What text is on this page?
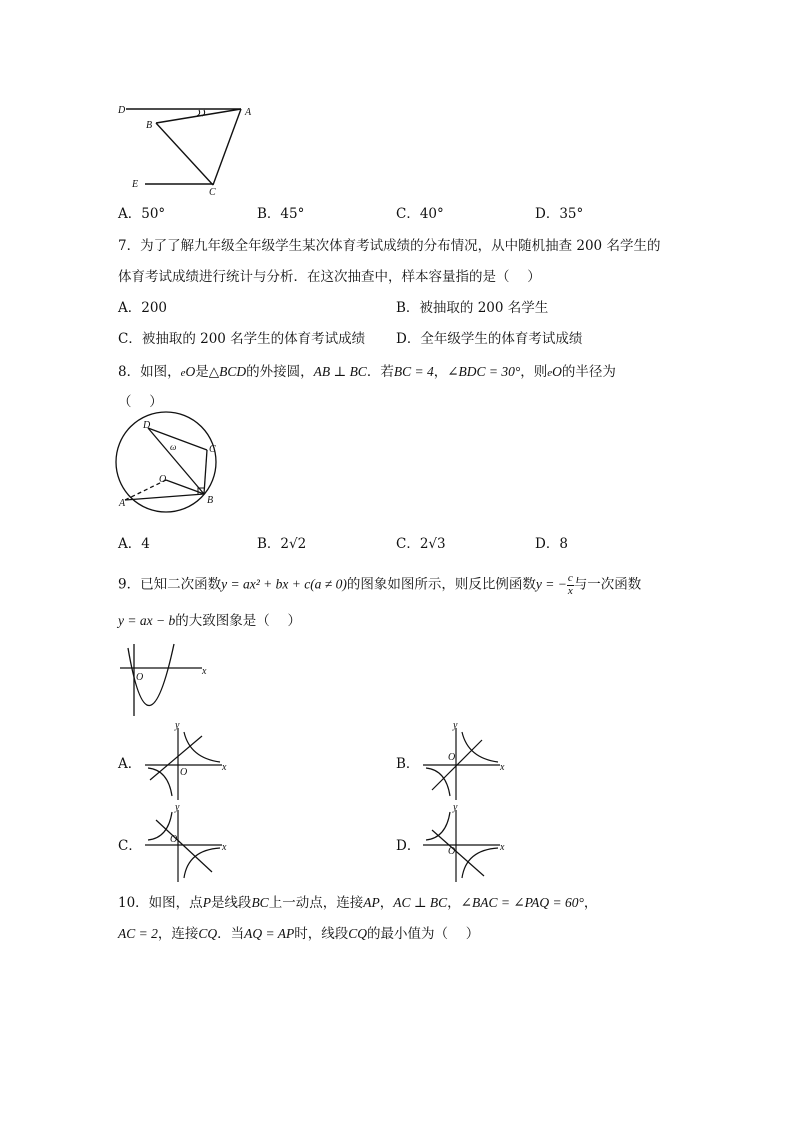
D
B
A
E
C
A．50°	B．45°	C．40°	D．35°
7．为了了解九年级全年级学生某次体育考试成绩的分布情况，从中随机抽查 200 名学生的
体育考试成绩进行统计与分析．在这次抽查中，样本容量指的是（　 ）
A．200	B．被抽取的 200 名学生
C．被抽取的 200 名学生的体育考试成绩 D．全年级学生的体育考试成绩
8．如图，eO是△BCD的外接圆，AB ⊥ BC．若BC = 4，∠BDC = 30°，则eO的半径为
（　 ）
D
C
O
A	B
ω
A．4	B．2√2	C．2√3	D．8
9．已知二次函数y = ax² + bx + c(a ≠ 0)的图象如图所示，则反比例函数y = − $\frac{c}{x}$ 与一次函数
y = ax − b的大致图象是（　 ）
O
x
A．	B．
C．	D．
y
x
O
y
x
O
y
x
O
y
x
O
10．如图，点P是线段BC上一动点，连接AP，AC ⊥ BC，∠BAC = ∠PAQ = 60°，
AC = 2，连接CQ．当AQ = AP时，线段CQ的最小值为（　 ）
